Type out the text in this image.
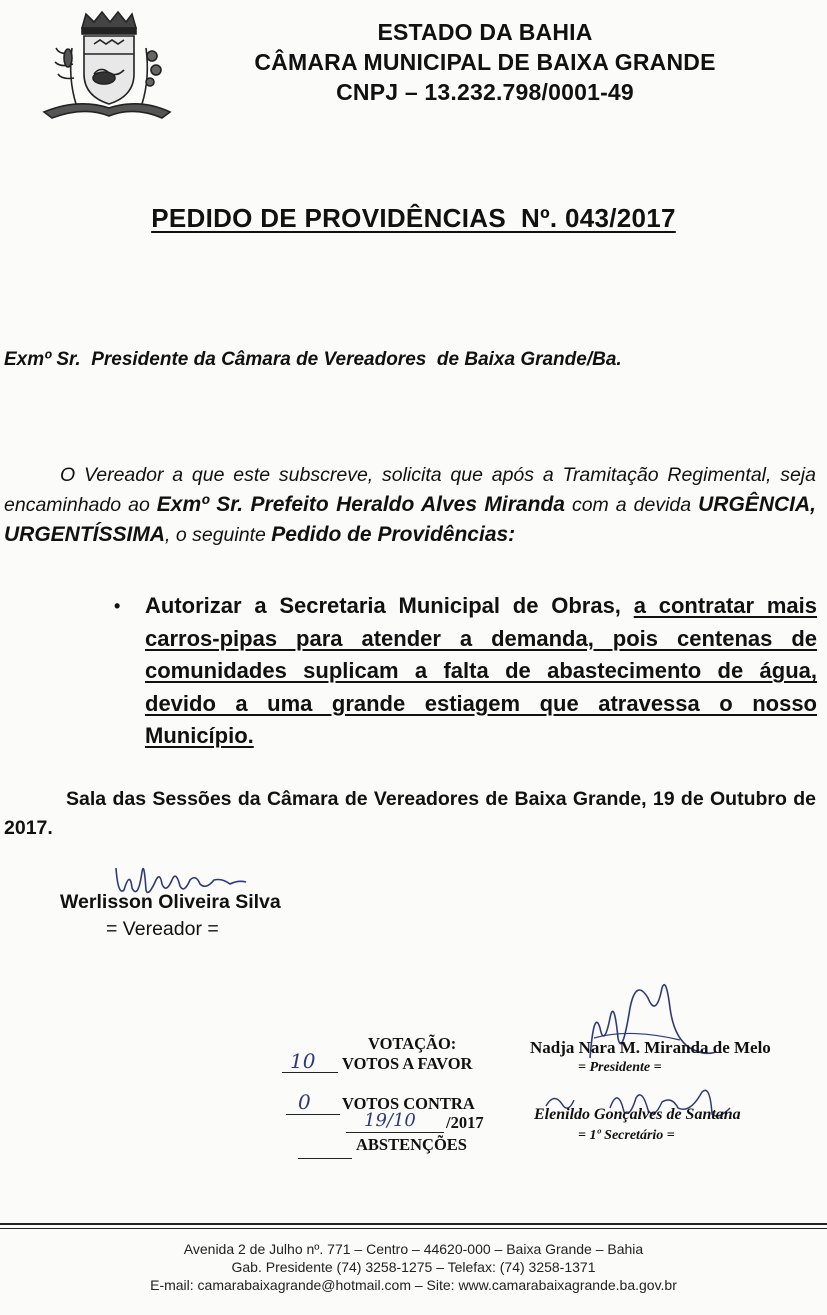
ESTADO DA BAHIA
CÂMARA MUNICIPAL DE BAIXA GRANDE
CNPJ – 13.232.798/0001-49
PEDIDO DE PROVIDÊNCIAS  Nº. 043/2017
Exmº Sr.  Presidente da Câmara de Vereadores  de Baixa Grande/Ba.
O Vereador a que este subscreve, solicita que após a Tramitação Regimental, seja encaminhado ao Exmº Sr. Prefeito Heraldo Alves Miranda com a devida URGÊNCIA, URGENTÍSSIMA, o seguinte Pedido de Providências:
• Autorizar a Secretaria Municipal de Obras, a contratar mais carros-pipas para atender a demanda, pois centenas de comunidades suplicam a falta de abastecimento de água, devido a uma grande estiagem que atravessa o nosso Município.
Sala das Sessões da Câmara de Vereadores de Baixa Grande, 19 de Outubro de 2017.
Werlisson Oliveira Silva
= Vereador =
VOTAÇÃO:
10	VOTOS A FAVOR
0 VOTOS CONTRA
19/10 /2017
ABSTENÇÕES
Nadja Nara M. Miranda de Melo
= Presidente =
Elenildo Gonçalves de Santana
= 1º Secretário =
Avenida 2 de Julho nº. 771 – Centro – 44620-000 – Baixa Grande – Bahia
Gab. Presidente (74) 3258-1275 – Telefax: (74) 3258-1371
E-mail: camarabaixagrande@hotmail.com – Site: www.camarabaixagrande.ba.gov.br
